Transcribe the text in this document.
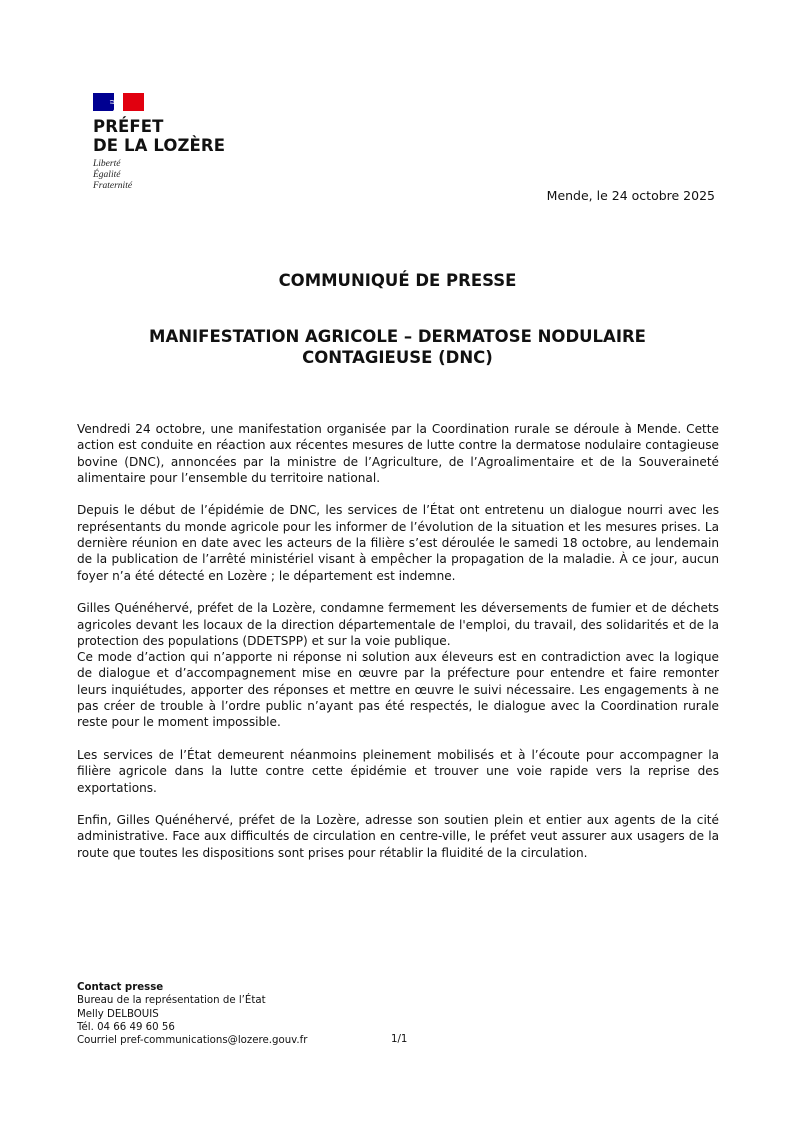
PRÉFET
DE LA LOZÈRE
Liberté
Égalité
Fraternité
Mende, le 24 octobre 2025
COMMUNIQUÉ DE PRESSE
MANIFESTATION AGRICOLE – DERMATOSE NODULAIRE
CONTAGIEUSE (DNC)

Vendredi 24 octobre, une manifestation organisée par la Coordination rurale se déroule à Mende. Cette action est conduite en réaction aux récentes mesures de lutte contre la dermatose nodulaire contagieuse bovine (DNC), annoncées par la ministre de l’Agriculture, de l’Agroalimentaire et de la Souveraineté alimentaire pour l’ensemble du territoire national.

Depuis le début de l’épidémie de DNC, les services de l’État ont entretenu un dialogue nourri avec les représentants du monde agricole pour les informer de l’évolution de la situation et les mesures prises. La dernière réunion en date avec les acteurs de la filière s’est déroulée le samedi 18 octobre, au lendemain de la publication de l’arrêté ministériel visant à empêcher la propagation de la maladie. À ce jour, aucun foyer n’a été détecté en Lozère ; le département est indemne.

Gilles Quénéhervé, préfet de la Lozère, condamne fermement les déversements de fumier et de déchets agricoles devant les locaux de la direction départementale de l'emploi, du travail, des solidarités et de la protection des populations (DDETSPP) et sur la voie publique.

Ce mode d’action qui n’apporte ni réponse ni solution aux éleveurs est en contradiction avec la logique de dialogue et d’accompagnement mise en œuvre par la préfecture pour entendre et faire remonter leurs inquiétudes, apporter des réponses et mettre en œuvre le suivi nécessaire. Les engagements à ne pas créer de trouble à l’ordre public n’ayant pas été respectés, le dialogue avec la Coordination rurale reste pour le moment impossible.

Les services de l’État demeurent néanmoins pleinement mobilisés et à l’écoute pour accompagner la filière agricole dans la lutte contre cette épidémie et trouver une voie rapide vers la reprise des exportations.

Enfin, Gilles Quénéhervé, préfet de la Lozère, adresse son soutien plein et entier aux agents de la cité administrative. Face aux difficultés de circulation en centre-ville, le préfet veut assurer aux usagers de la route que toutes les dispositions sont prises pour rétablir la fluidité de la circulation.

Contact presse
Bureau de la représentation de l’État
Melly DELBOUIS
Tél. 04 66 49 60 56
Courriel pref-communications@lozere.gouv.fr	1/1
